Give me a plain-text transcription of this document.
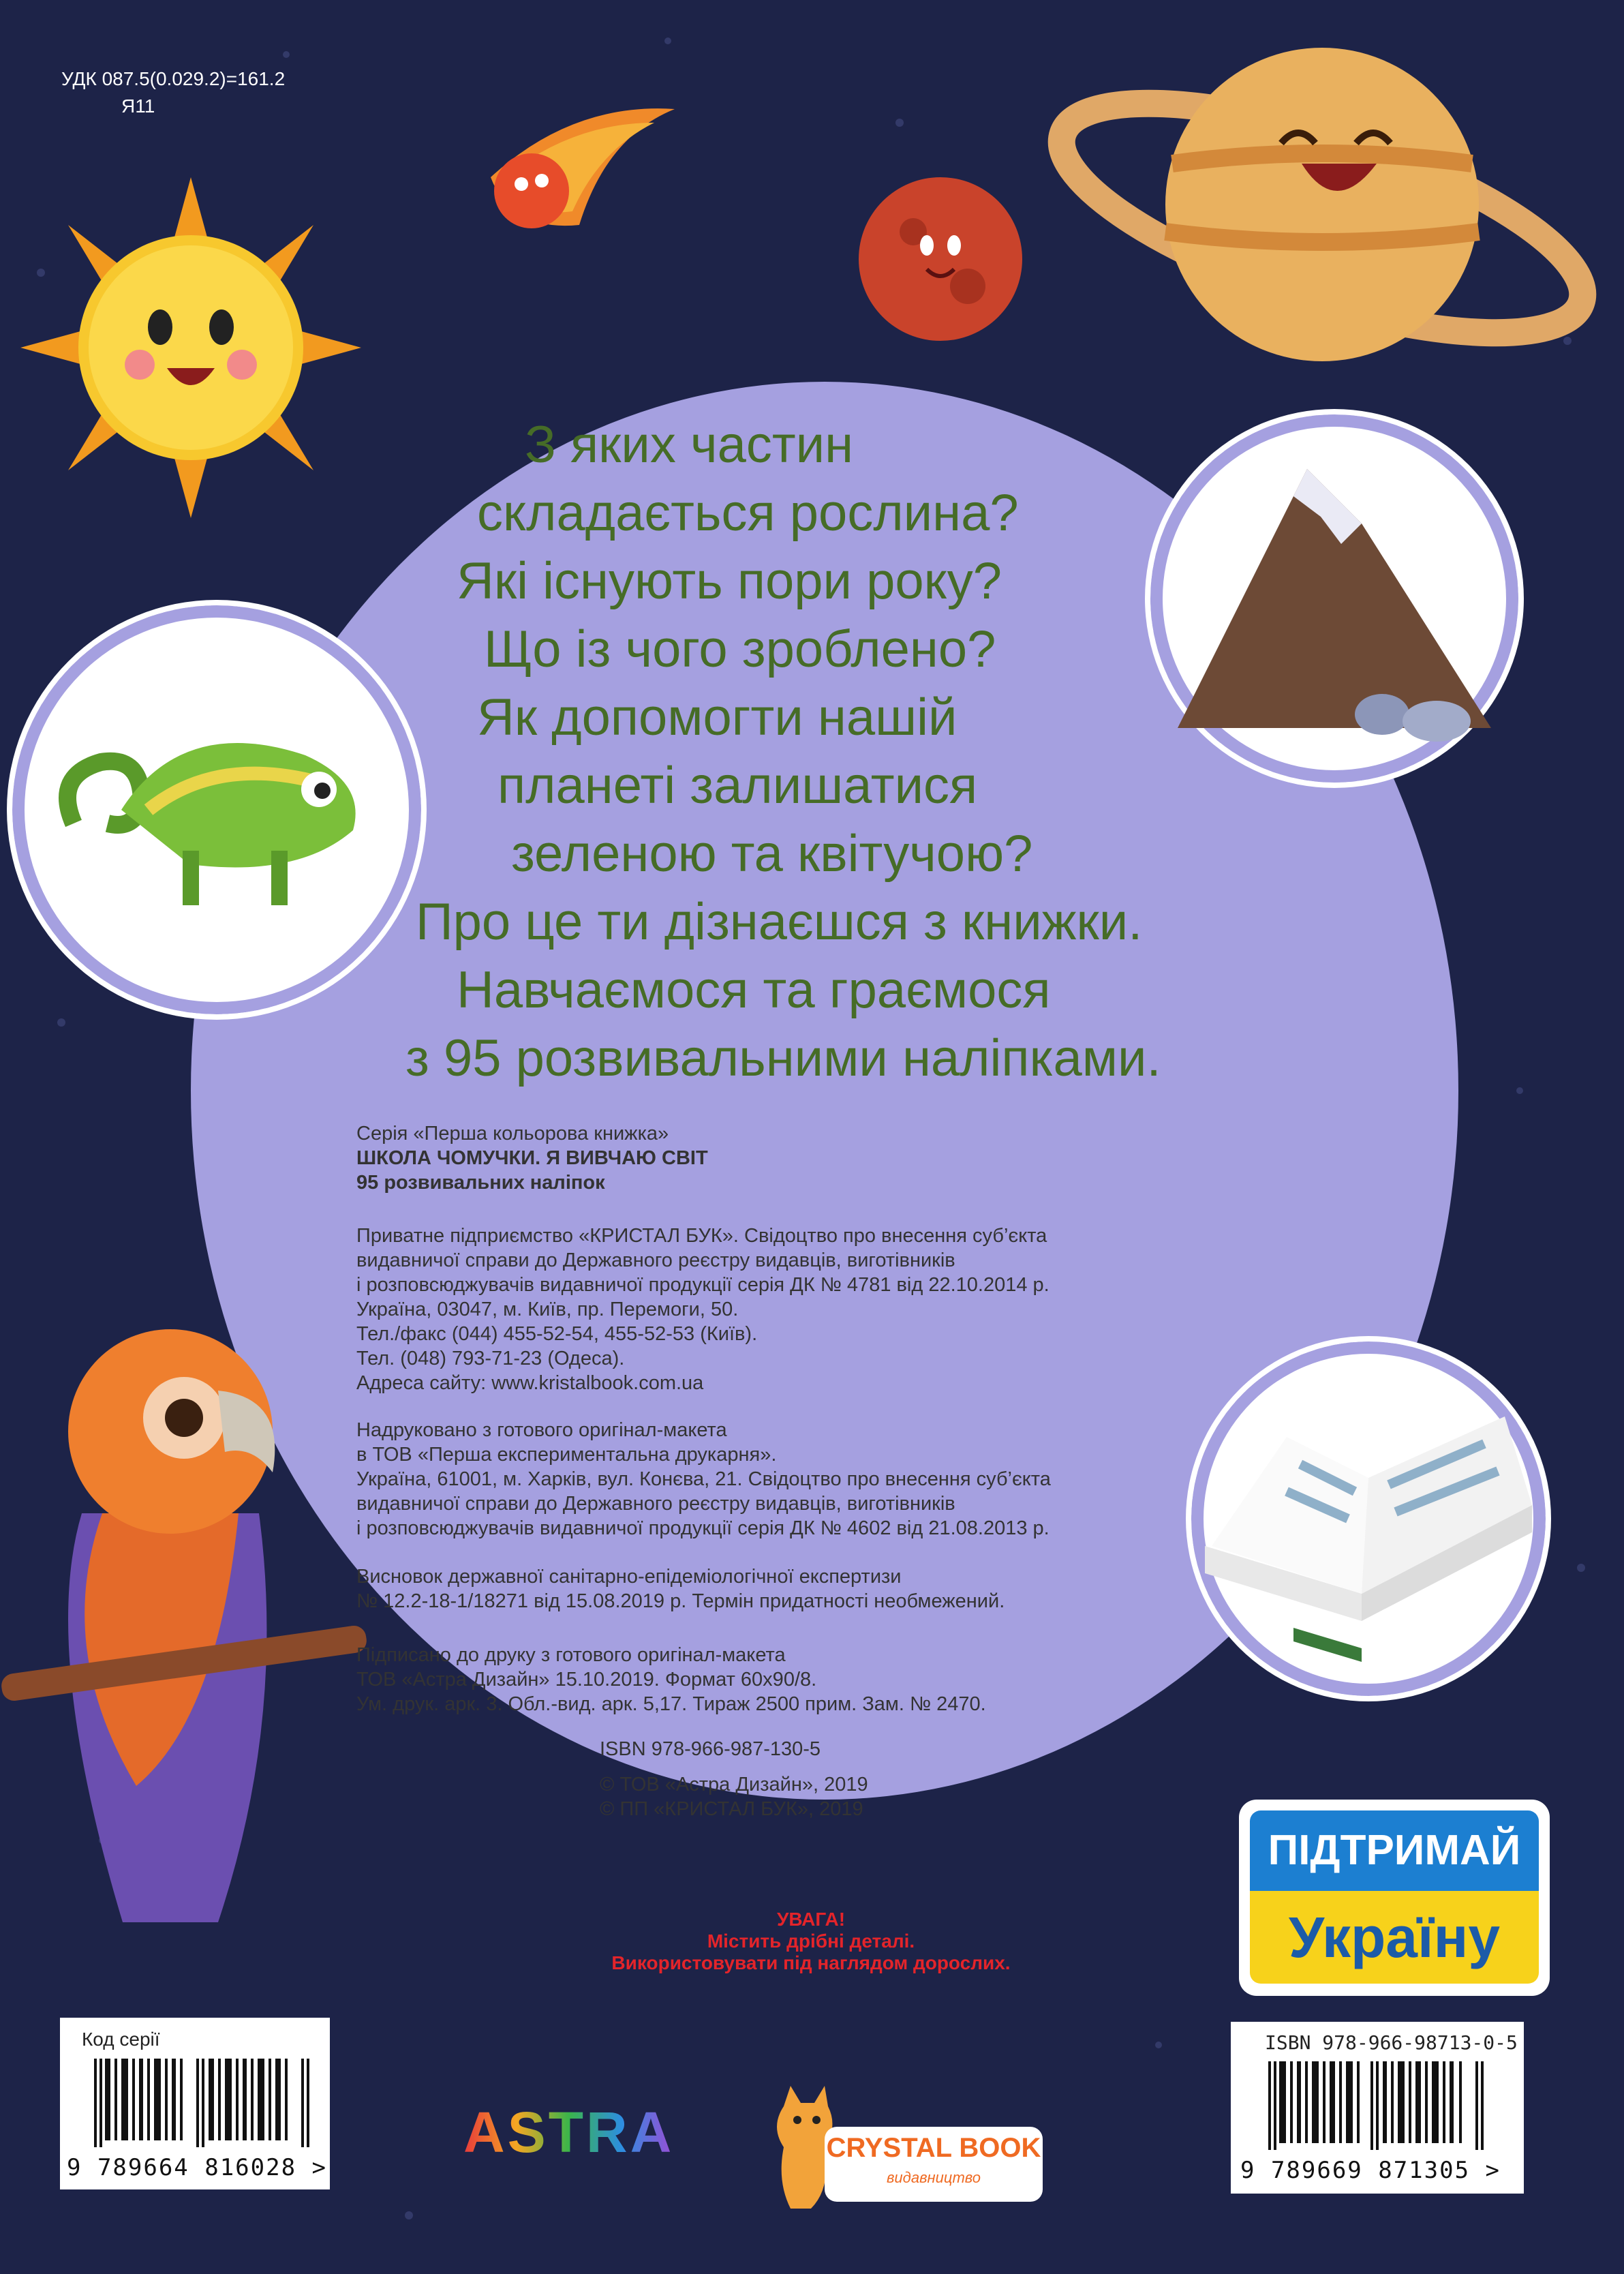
УДК 087.5(0.029.2)=161.2
Я11
З яких частин
складається рослина?
Які існують пори року?
Що із чого зроблено?
Як допомогти нашій
планеті залишатися
зеленою та квітучою?
Про це ти дізнаєшся з книжки.
Навчаємося та граємося
з 95 розвивальними наліпками.
Серія «Перша кольорова книжка»
ШКОЛА ЧОМУЧКИ. Я ВИВЧАЮ СВІТ
95 розвивальних наліпок
Приватне підприємство «КРИСТАЛ БУК». Свідоцтво про внесення суб’єкта
видавничої справи до Державного реєстру видавців, виготівників
і розповсюджувачів видавничої продукції серія ДК № 4781 від 22.10.2014 р.
Україна, 03047, м. Київ, пр. Перемоги, 50.
Тел./факс (044) 455-52-54, 455-52-53 (Київ).
Тел. (048) 793-71-23 (Одеса).
Адреса сайту: www.kristalbook.com.ua
Надруковано з готового оригінал-макета
в ТОВ «Перша експериментальна друкарня».
Україна, 61001, м. Харків, вул. Конєва, 21. Свідоцтво про внесення суб’єкта
видавничої справи до Державного реєстру видавців, виготівників
і розповсюджувачів видавничої продукції серія ДК № 4602 від 21.08.2013 р.
Висновок державної санітарно-епідеміологічної експертизи
№ 12.2-18-1/18271 від 15.08.2019 р. Термін придатності необмежений.
Підписано до друку з готового оригінал-макета
ТОВ «Астра Дизайн» 15.10.2019. Формат 60х90/8.
Ум. друк. арк. 3. Обл.-вид. арк. 5,17. Тираж 2500 прим. Зам. № 2470.
ISBN 978-966-987-130-5
© ТОВ «Астра Дизайн», 2019
© ПП «КРИСТАЛ БУК», 2019
УВАГА!
Містить дрібні деталі.
Використовувати під наглядом дорослих.
ПІДТРИМАЙ
Україну
Код серії
9 789664 816028 >
ISBN 978-966-98713-0-5
9 789669 871305 >
ASTRA	CRYSTAL BOOK
видавництво
